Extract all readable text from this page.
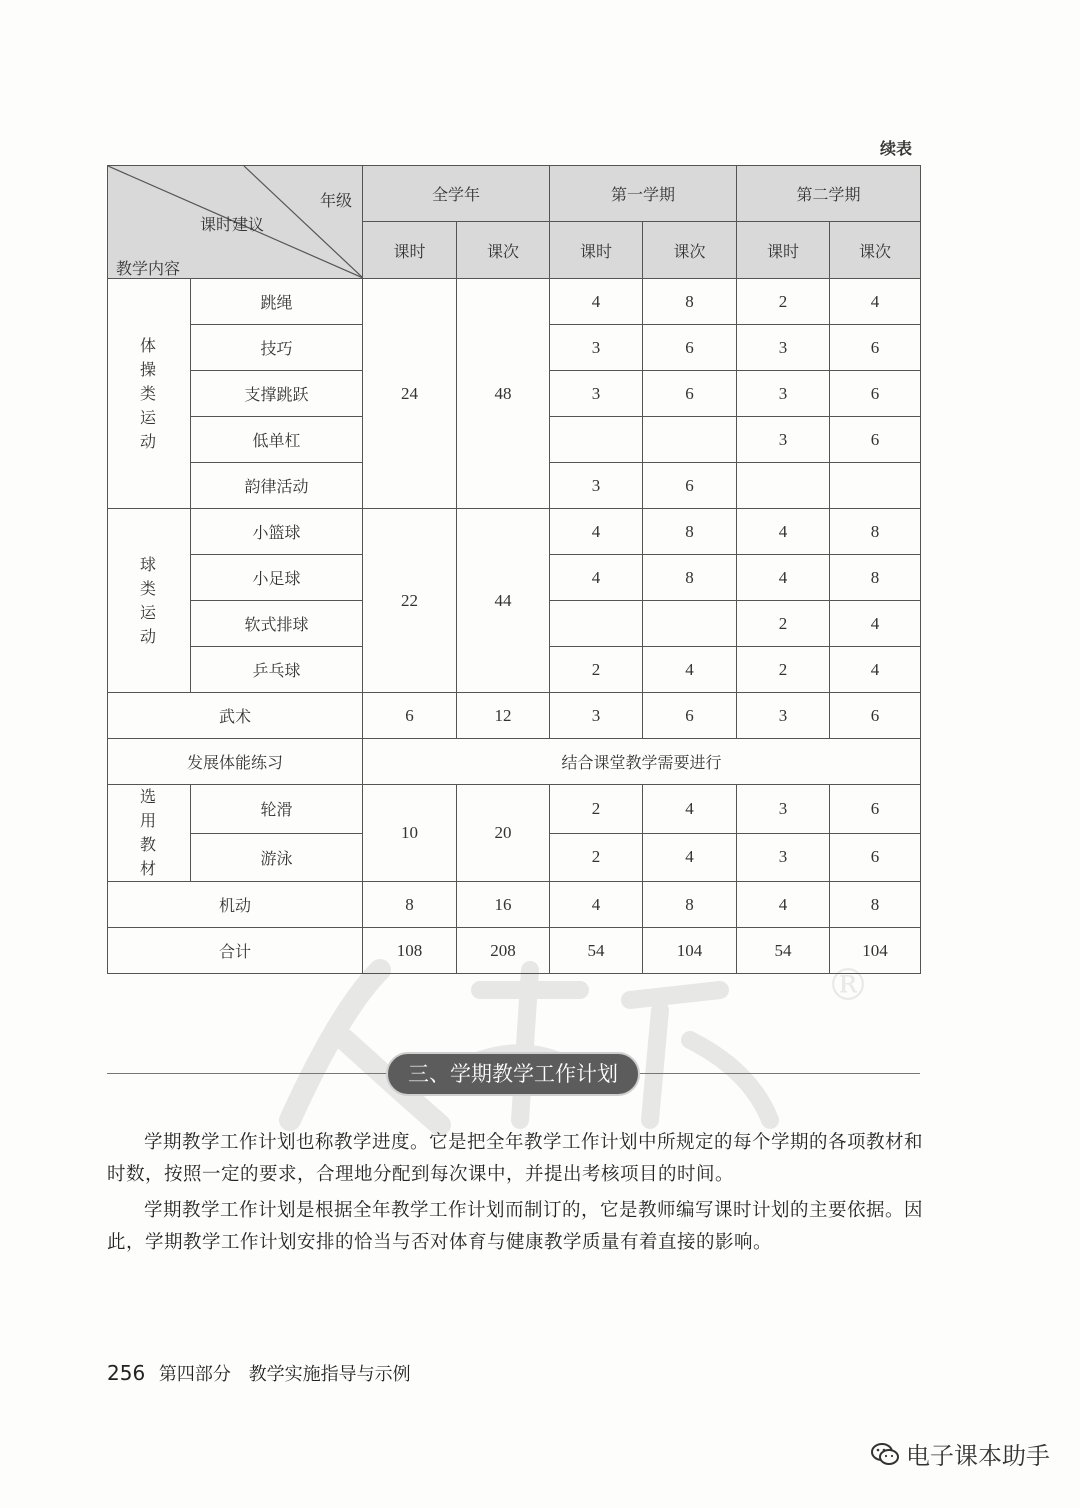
续表
年级
课时建议
教学内容		全学年		第一学期		第二学期	
		课时	课次	课时	课次	课时	课次
体操类运动	跳绳	24	48	4	8	2	4
	技巧			3	6	3	6
	支撑跳跃			3	6	3	6
	低单杠					3	6
	韵律活动			3	6		
球类运动	小篮球	22	44	4	8	4	8
	小足球			4	8	4	8
	软式排球					2	4
	乒乓球			2	4	2	4
武术		6	12	3	6	3	6
发展体能练习		结合课堂教学需要进行					
选用教材	轮滑	10	20	2	4	3	6
	游泳			2	4	3	6
机动		8	16	4	8	4	8
合计		108	208	54	104	54	104
®
三、学期教学工作计划

学期教学工作计划也称教学进度。它是把全年教学工作计划中所规定的每个学期的各项教材和时数，按照一定的要求，合理地分配到每次课中，并提出考核项目的时间。

学期教学工作计划是根据全年教学工作计划而制订的，它是教师编写课时计划的主要依据。因此，学期教学工作计划安排的恰当与否对体育与健康教学质量有着直接的影响。

256 第四部分 教学实施指导与示例
电子课本助手
